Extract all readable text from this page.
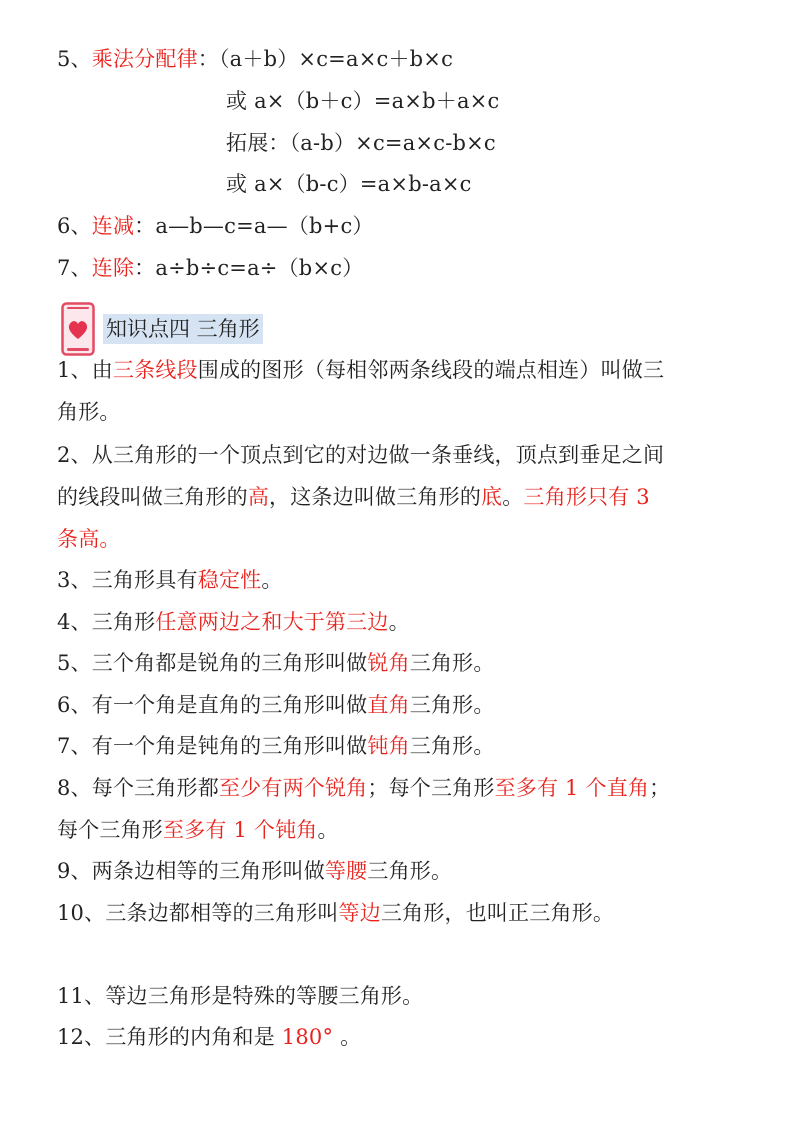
5、乘法分配律：（a＋b）×c=a×c＋b×c
或 a×（b＋c）=a×b＋a×c
拓展：（a-b）×c=a×c-b×c
或 a×（b-c）=a×b-a×c
6、连减：a—b—c=a—（b+c）
7、连除：a÷b÷c=a÷（b×c）
知识点四 三角形
1、由三条线段围成的图形（每相邻两条线段的端点相连）叫做三
角形。
2、从三角形的一个顶点到它的对边做一条垂线，顶点到垂足之间
的线段叫做三角形的高，这条边叫做三角形的底。三角形只有 3
条高。
3、三角形具有稳定性。
4、三角形任意两边之和大于第三边。
5、三个角都是锐角的三角形叫做锐角三角形。
6、有一个角是直角的三角形叫做直角三角形。
7、有一个角是钝角的三角形叫做钝角三角形。
8、每个三角形都至少有两个锐角；每个三角形至多有 1 个直角；
每个三角形至多有 1 个钝角。
9、两条边相等的三角形叫做等腰三角形。
10、三条边都相等的三角形叫等边三角形，也叫正三角形。
11、等边三角形是特殊的等腰三角形。
12、三角形的内角和是 180° 。
